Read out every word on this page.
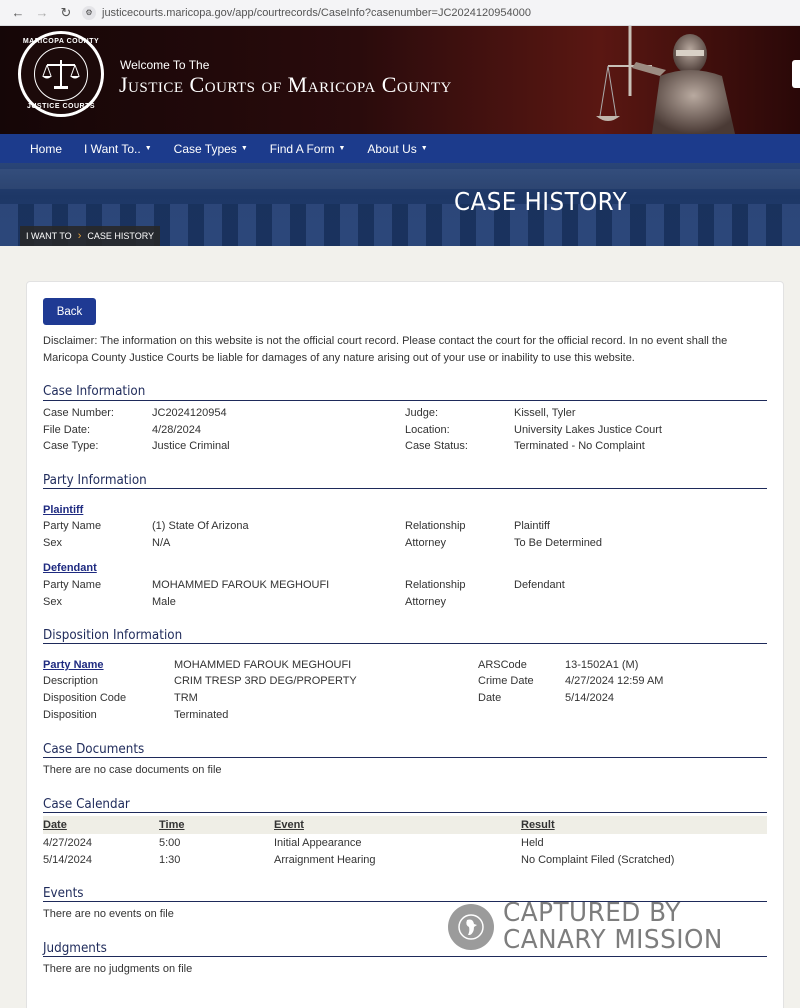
← → ↻	⚙ justicecourts.maricopa.gov/app/courtrecords/CaseInfo?casenumber=JC2024120954000
MARICOPA COUNTY
JUSTICE COURTS
Welcome To The
Justice Courts of Maricopa County
Home I Want To.. ▼ Case Types ▼ Find A Form ▼ About Us ▼
CASE HISTORY
I WANT TO › CASE HISTORY
Back
Disclaimer: The information on this website is not the official court record. Please contact the court for the official record. In no event shall the Maricopa County Justice Courts be liable for damages of any nature arising out of your use or inability to use this website.
Case Information
Case Number:	JC2024120954	Judge:	Kissell, Tyler
File Date:	4/28/2024	Location:	University Lakes Justice Court
Case Type:	Justice Criminal	Case Status:	Terminated - No Complaint
Party Information
Plaintiff
Party Name	(1) State Of Arizona	Relationship	Plaintiff
Sex	N/A	Attorney	To Be Determined
Defendant
Party Name	MOHAMMED FAROUK MEGHOUFI	Relationship	Defendant
Sex	Male	Attorney
Disposition Information
Party Name	MOHAMMED FAROUK MEGHOUFI	ARSCode	13-1502A1 (M)
Description	CRIM TRESP 3RD DEG/PROPERTY	Crime Date	4/27/2024 12:59 AM
Disposition Code	TRM	Date	5/14/2024
Disposition	Terminated
Case Documents
There are no case documents on file
Case Calendar
Date	Time	Event	Result
4/27/2024	5:00	Initial Appearance	Held
5/14/2024	1:30	Arraignment Hearing	No Complaint Filed (Scratched)
Events
There are no events on file
Judgments
There are no judgments on file
CAPTURED BY
CANARY MISSION
